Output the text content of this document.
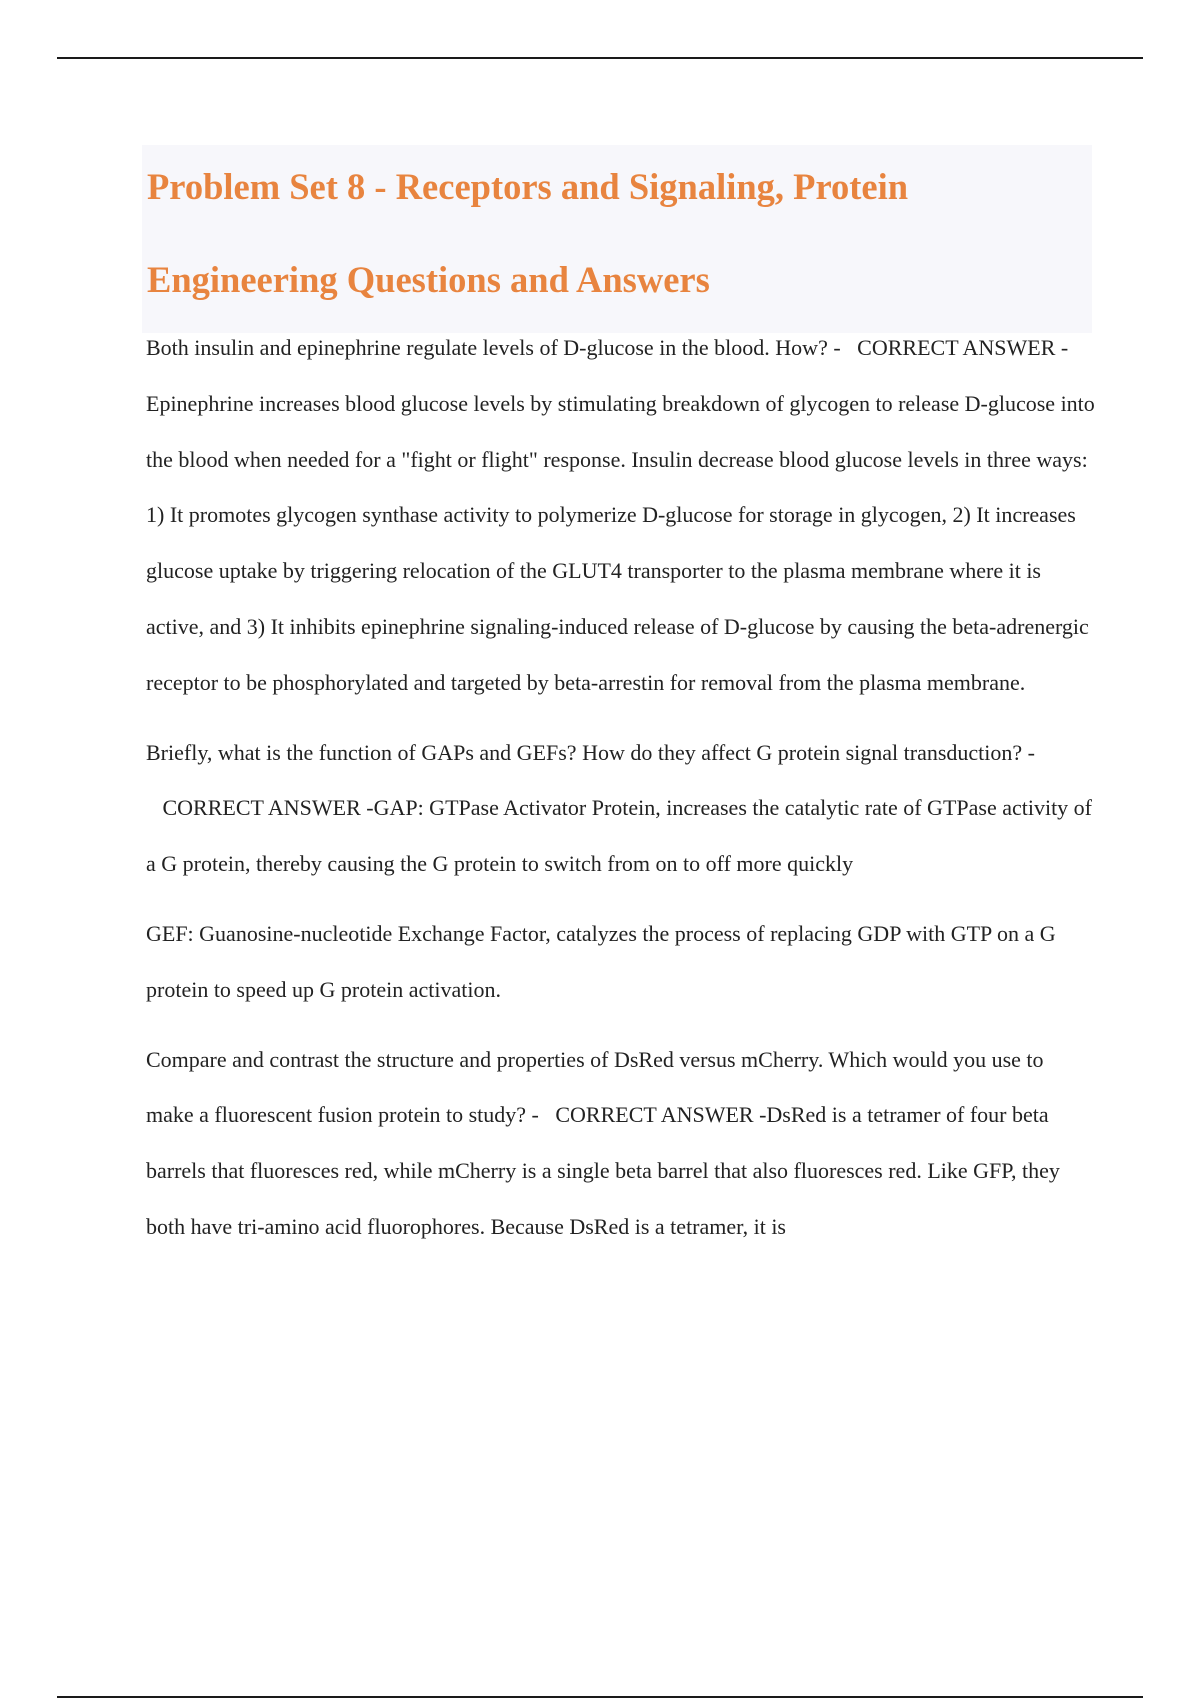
Problem Set 8 - Receptors and Signaling, Protein Engineering Questions and Answers

Both insulin and epinephrine regulate levels of D-glucose in the blood. How? - CORRECT ANSWER -Epinephrine increases blood glucose levels by stimulating breakdown of glycogen to release D-glucose into the blood when needed for a "fight or flight" response. Insulin decrease blood glucose levels in three ways: 1) It promotes glycogen synthase activity to polymerize D-glucose for storage in glycogen, 2) It increases glucose uptake by triggering relocation of the GLUT4 transporter to the plasma membrane where it is active, and 3) It inhibits epinephrine signaling-induced release of D-glucose by causing the beta-adrenergic receptor to be phosphorylated and targeted by beta-arrestin for removal from the plasma membrane.

Briefly, what is the function of GAPs and GEFs? How do they affect G protein signal transduction? -   CORRECT ANSWER -GAP: GTPase Activator Protein, increases the catalytic rate of GTPase activity of a G protein, thereby causing the G protein to switch from on to off more quickly

GEF: Guanosine-nucleotide Exchange Factor, catalyzes the process of replacing GDP with GTP on a G protein to speed up G protein activation.

Compare and contrast the structure and properties of DsRed versus mCherry. Which would you use to make a fluorescent fusion protein to study? - CORRECT ANSWER -DsRed is a tetramer of four beta barrels that fluoresces red, while mCherry is a single beta barrel that also fluoresces red. Like GFP, they both have tri-amino acid fluorophores. Because DsRed is a tetramer, it is
